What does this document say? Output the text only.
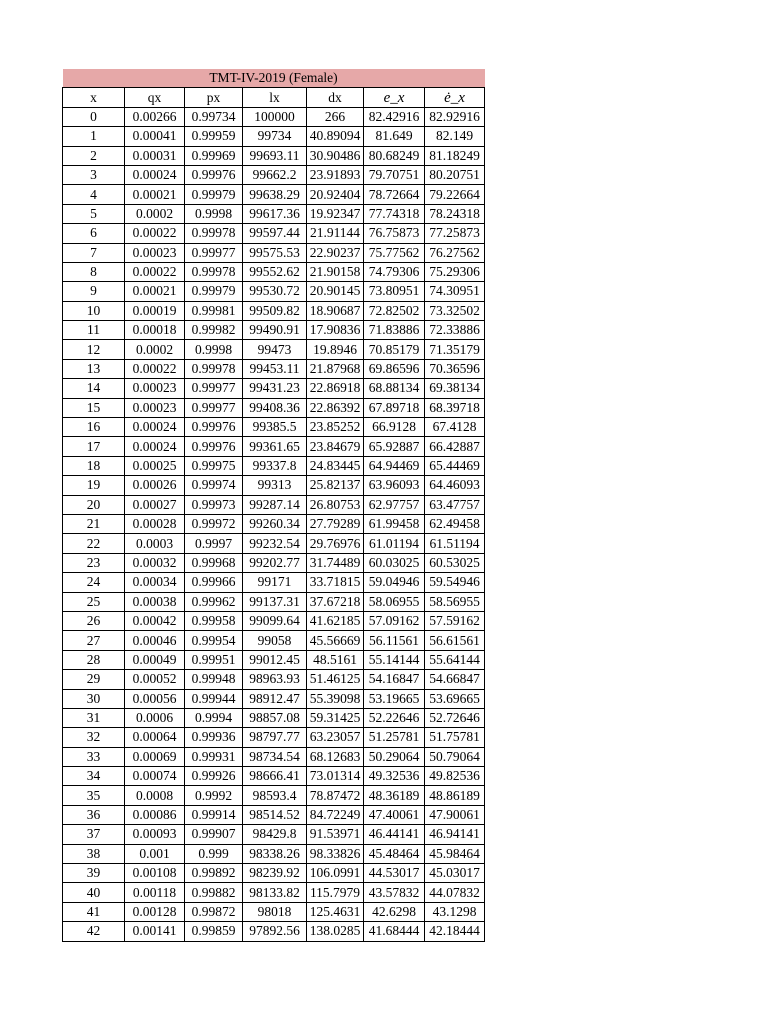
TMT-IV-2019 (Female)						
x	qx	px	lx	dx	e_x	ė_x
0	0.00266	0.99734	100000	266	82.42916	82.92916
1	0.00041	0.99959	99734	40.89094	81.649	82.149
2	0.00031	0.99969	99693.11	30.90486	80.68249	81.18249
3	0.00024	0.99976	99662.2	23.91893	79.70751	80.20751
4	0.00021	0.99979	99638.29	20.92404	78.72664	79.22664
5	0.0002	0.9998	99617.36	19.92347	77.74318	78.24318
6	0.00022	0.99978	99597.44	21.91144	76.75873	77.25873
7	0.00023	0.99977	99575.53	22.90237	75.77562	76.27562
8	0.00022	0.99978	99552.62	21.90158	74.79306	75.29306
9	0.00021	0.99979	99530.72	20.90145	73.80951	74.30951
10	0.00019	0.99981	99509.82	18.90687	72.82502	73.32502
11	0.00018	0.99982	99490.91	17.90836	71.83886	72.33886
12	0.0002	0.9998	99473	19.8946	70.85179	71.35179
13	0.00022	0.99978	99453.11	21.87968	69.86596	70.36596
14	0.00023	0.99977	99431.23	22.86918	68.88134	69.38134
15	0.00023	0.99977	99408.36	22.86392	67.89718	68.39718
16	0.00024	0.99976	99385.5	23.85252	66.9128	67.4128
17	0.00024	0.99976	99361.65	23.84679	65.92887	66.42887
18	0.00025	0.99975	99337.8	24.83445	64.94469	65.44469
19	0.00026	0.99974	99313	25.82137	63.96093	64.46093
20	0.00027	0.99973	99287.14	26.80753	62.97757	63.47757
21	0.00028	0.99972	99260.34	27.79289	61.99458	62.49458
22	0.0003	0.9997	99232.54	29.76976	61.01194	61.51194
23	0.00032	0.99968	99202.77	31.74489	60.03025	60.53025
24	0.00034	0.99966	99171	33.71815	59.04946	59.54946
25	0.00038	0.99962	99137.31	37.67218	58.06955	58.56955
26	0.00042	0.99958	99099.64	41.62185	57.09162	57.59162
27	0.00046	0.99954	99058	45.56669	56.11561	56.61561
28	0.00049	0.99951	99012.45	48.5161	55.14144	55.64144
29	0.00052	0.99948	98963.93	51.46125	54.16847	54.66847
30	0.00056	0.99944	98912.47	55.39098	53.19665	53.69665
31	0.0006	0.9994	98857.08	59.31425	52.22646	52.72646
32	0.00064	0.99936	98797.77	63.23057	51.25781	51.75781
33	0.00069	0.99931	98734.54	68.12683	50.29064	50.79064
34	0.00074	0.99926	98666.41	73.01314	49.32536	49.82536
35	0.0008	0.9992	98593.4	78.87472	48.36189	48.86189
36	0.00086	0.99914	98514.52	84.72249	47.40061	47.90061
37	0.00093	0.99907	98429.8	91.53971	46.44141	46.94141
38	0.001	0.999	98338.26	98.33826	45.48464	45.98464
39	0.00108	0.99892	98239.92	106.0991	44.53017	45.03017
40	0.00118	0.99882	98133.82	115.7979	43.57832	44.07832
41	0.00128	0.99872	98018	125.4631	42.6298	43.1298
42	0.00141	0.99859	97892.56	138.0285	41.68444	42.18444
